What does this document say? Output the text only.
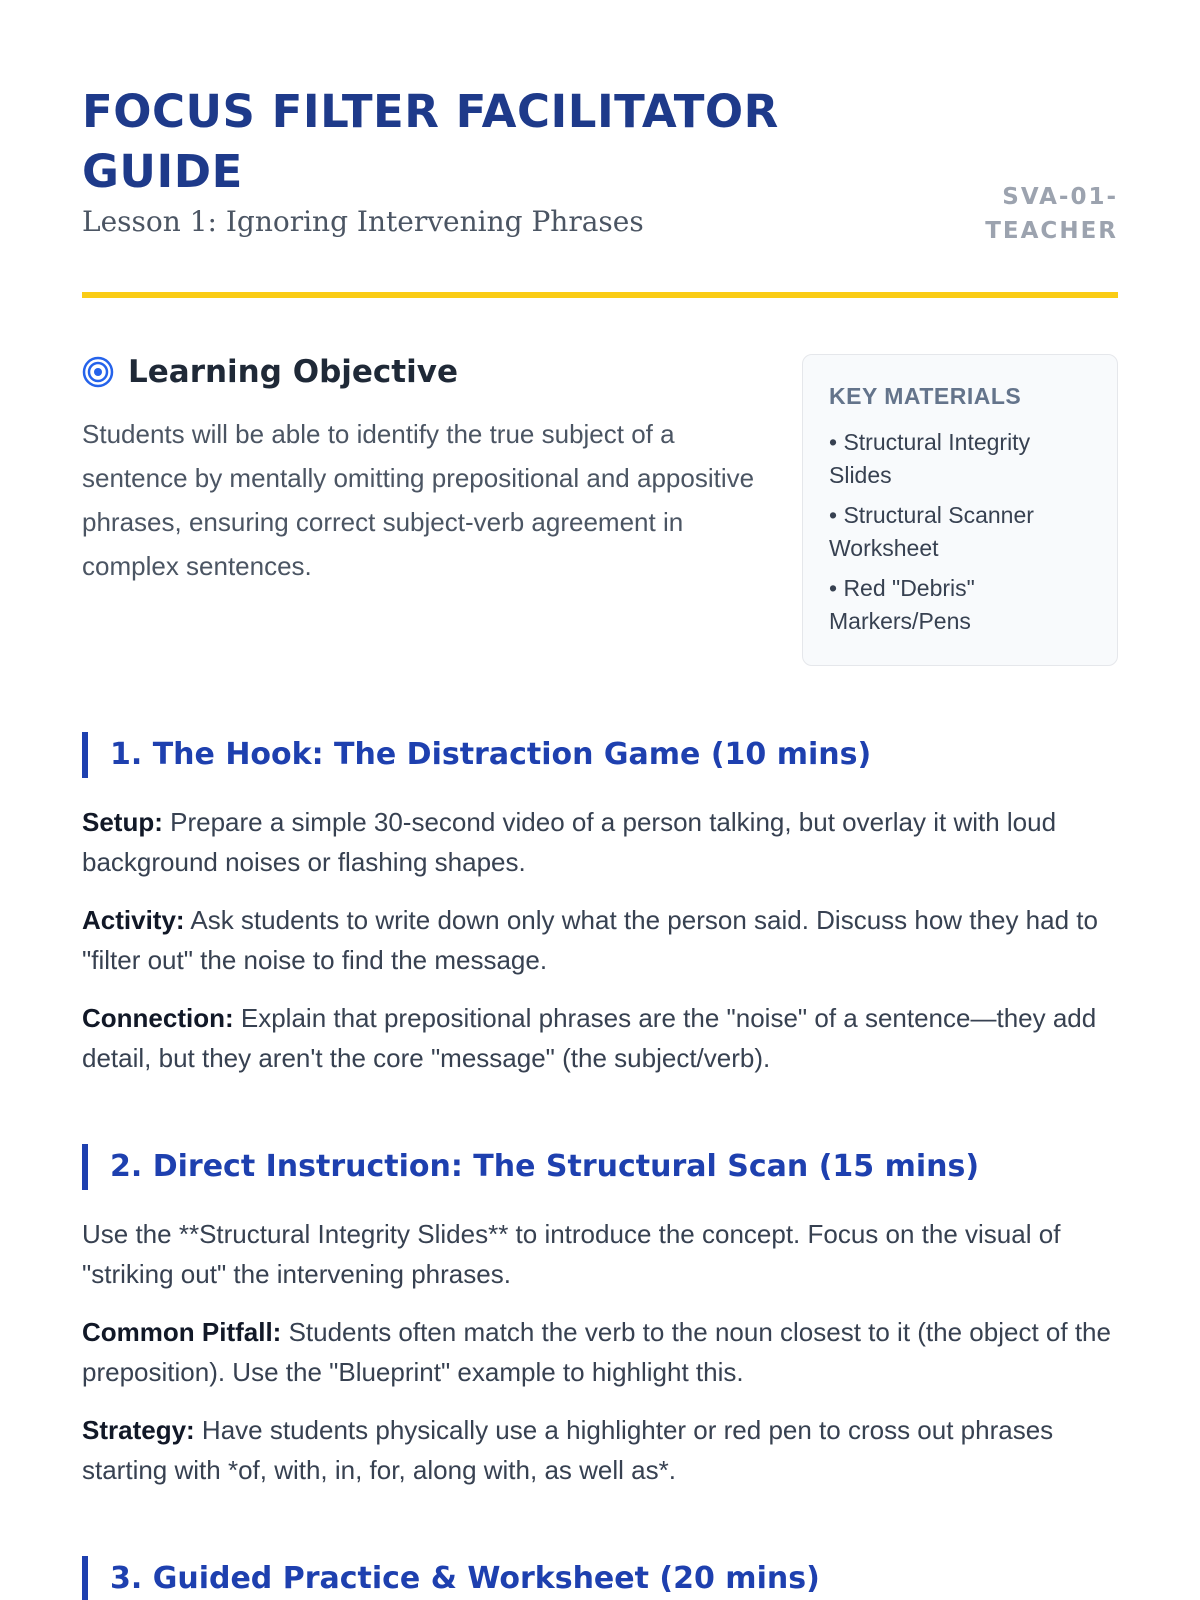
FOCUS FILTER FACILITATOR GUIDE
Lesson 1: Ignoring Intervening Phrases
SVA-01-TEACHER
Learning Objective

Students will be able to identify the true subject of a sentence by mentally omitting prepositional and appositive phrases, ensuring correct subject-verb agreement in complex sentences.

KEY MATERIALS
• Structural Integrity Slides
• Structural Scanner Worksheet
• Red "Debris" Markers/Pens
1. The Hook: The Distraction Game (10 mins)

Setup: Prepare a simple 30-second video of a person talking, but overlay it with loud background noises or flashing shapes.

Activity: Ask students to write down only what the person said. Discuss how they had to "filter out" the noise to find the message.

Connection: Explain that prepositional phrases are the "noise" of a sentence—they add detail, but they aren't the core "message" (the subject/verb).

2. Direct Instruction: The Structural Scan (15 mins)

Use the **Structural Integrity Slides** to introduce the concept. Focus on the visual of "striking out" the intervening phrases.

Common Pitfall: Students often match the verb to the noun closest to it (the object of the preposition). Use the "Blueprint" example to highlight this.

Strategy: Have students physically use a highlighter or red pen to cross out phrases starting with *of, with, in, for, along with, as well as*.

3. Guided Practice & Worksheet (20 mins)
